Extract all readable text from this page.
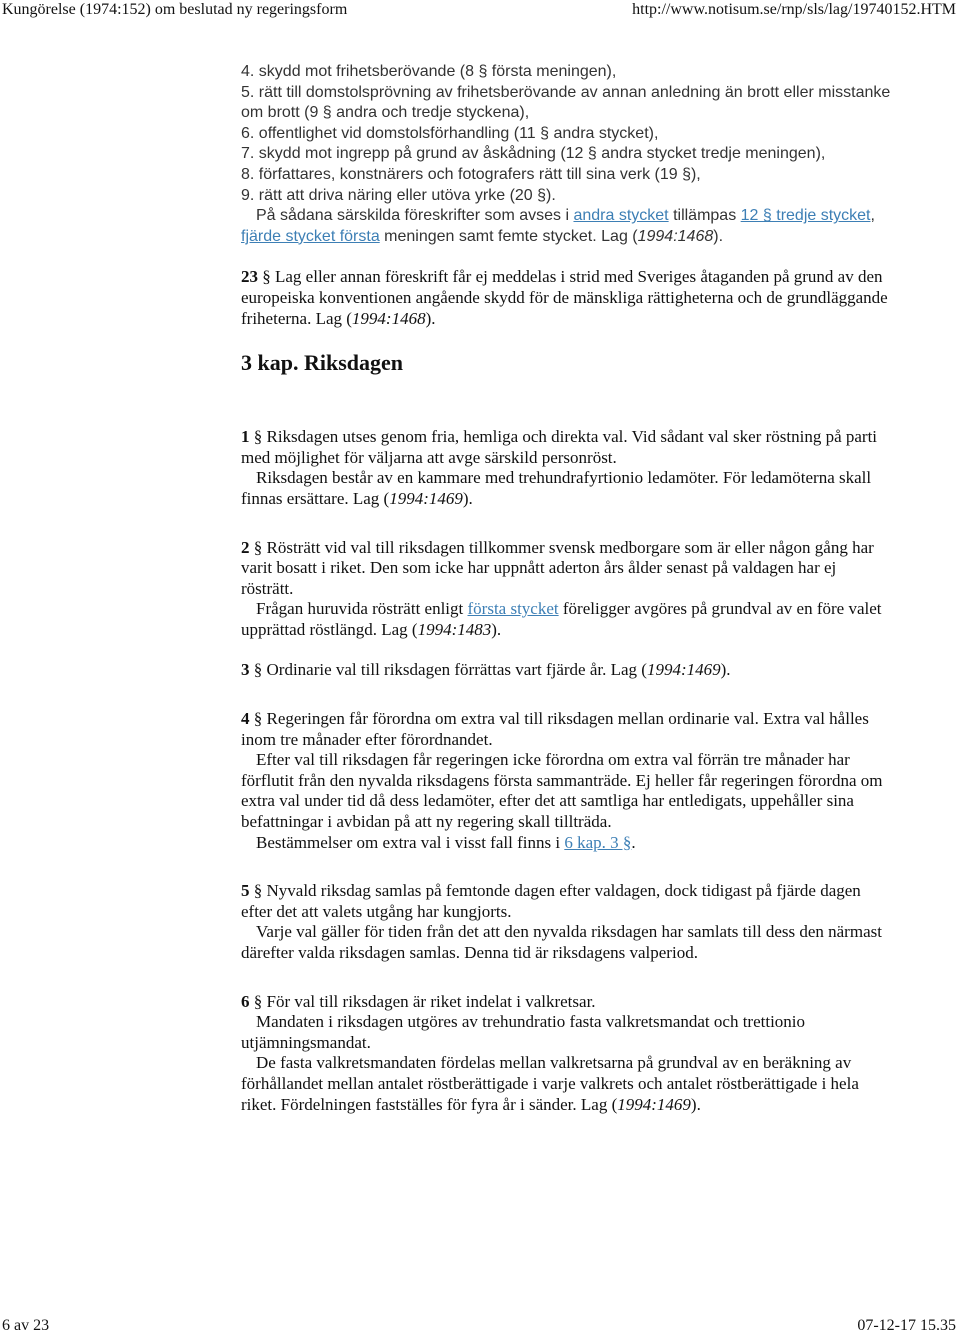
Kungörelse (1974:152) om beslutad ny regeringsform	http://www.notisum.se/rnp/sls/lag/19740152.HTM

4. skydd mot frihetsberövande (8 § första meningen),

5. rätt till domstolsprövning av frihetsberövande av annan anledning än brott eller misstanke om brott (9 § andra och tredje styckena),

6. offentlighet vid domstolsförhandling (11 § andra stycket),

7. skydd mot ingrepp på grund av åskådning (12 § andra stycket tredje meningen),

8. författares, konstnärers och fotografers rätt till sina verk (19 §),

9. rätt att driva näring eller utöva yrke (20 §).

På sådana särskilda föreskrifter som avses i andra stycket tillämpas 12 § tredje stycket, fjärde stycket första meningen samt femte stycket. Lag (1994:1468).

23 § Lag eller annan föreskrift får ej meddelas i strid med Sveriges åtaganden på grund av den europeiska konventionen angående skydd för de mänskliga rättigheterna och de grundläggande friheterna. Lag (1994:1468).

3 kap. Riksdagen

1 § Riksdagen utses genom fria, hemliga och direkta val. Vid sådant val sker röstning på parti med möjlighet för väljarna att avge särskild personröst.

Riksdagen består av en kammare med trehundrafyrtionio ledamöter. För ledamöterna skall finnas ersättare. Lag (1994:1469).

2 § Rösträtt vid val till riksdagen tillkommer svensk medborgare som är eller någon gång har varit bosatt i riket. Den som icke har uppnått aderton års ålder senast på valdagen har ej rösträtt.

Frågan huruvida rösträtt enligt första stycket föreligger avgöres på grundval av en före valet upprättad röstlängd. Lag (1994:1483).

3 § Ordinarie val till riksdagen förrättas vart fjärde år. Lag (1994:1469).

4 § Regeringen får förordna om extra val till riksdagen mellan ordinarie val. Extra val hålles inom tre månader efter förordnandet.

Efter val till riksdagen får regeringen icke förordna om extra val förrän tre månader har förflutit från den nyvalda riksdagens första sammanträde. Ej heller får regeringen förordna om extra val under tid då dess ledamöter, efter det att samtliga har entledigats, uppehåller sina befattningar i avbidan på att ny regering skall tillträda.

Bestämmelser om extra val i visst fall finns i 6 kap. 3 §.

5 § Nyvald riksdag samlas på femtonde dagen efter valdagen, dock tidigast på fjärde dagen efter det att valets utgång har kungjorts.

Varje val gäller för tiden från det att den nyvalda riksdagen har samlats till dess den närmast därefter valda riksdagen samlas. Denna tid är riksdagens valperiod.

6 § För val till riksdagen är riket indelat i valkretsar.

Mandaten i riksdagen utgöres av trehundratio fasta valkretsmandat och trettionio utjämningsmandat.

De fasta valkretsmandaten fördelas mellan valkretsarna på grundval av en beräkning av förhållandet mellan antalet röstberättigade i varje valkrets och antalet röstberättigade i hela riket. Fördelningen fastställes för fyra år i sänder. Lag (1994:1469).

6 av 23	07-12-17 15.35
